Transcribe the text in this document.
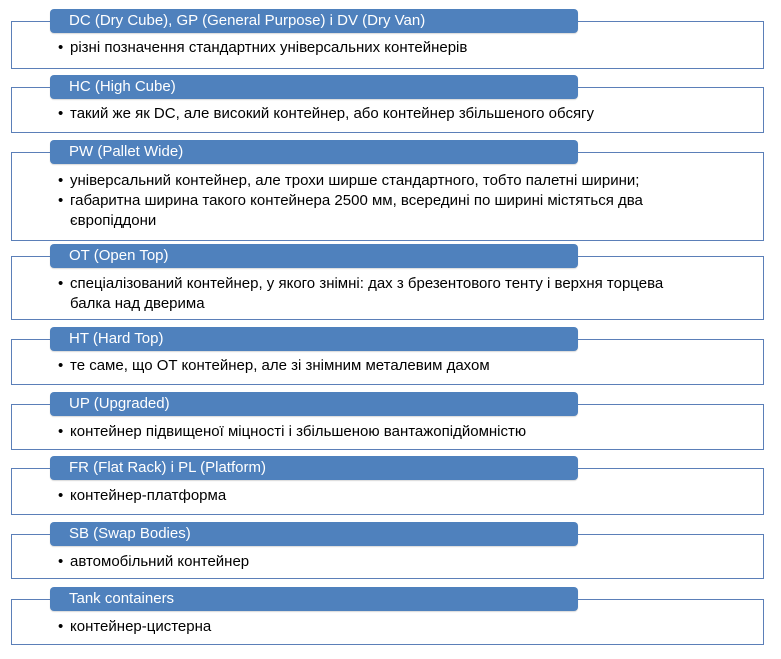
DC (Dry Cube), GP (General Purpose) і DV (Dry Van)
• різні позначення стандартних універсальних контейнерів
HC (High Cube)
• такий же як DC, але високий контейнер, або контейнер збільшеного обсягу
PW (Pallet Wide)
• універсальний контейнер, але трохи ширше стандартного, тобто палетні ширини;
• габаритна ширина такого контейнера 2500 мм, всередині по ширині містяться два європіддони
OT (Open Top)
• спеціалізований контейнер, у якого знімні: дах з брезентового тенту і верхня торцева балка над дверима
HT (Hard Top)
• те саме, що OT контейнер, але зі знімним металевим дахом
UP (Upgraded)
• контейнер підвищеної міцності і збільшеною вантажопідйомністю
FR (Flat Rack) і PL (Platform)
• контейнер-платформа
SB (Swap Bodies)
• автомобільний контейнер
Tank containers
• контейнер-цистерна
